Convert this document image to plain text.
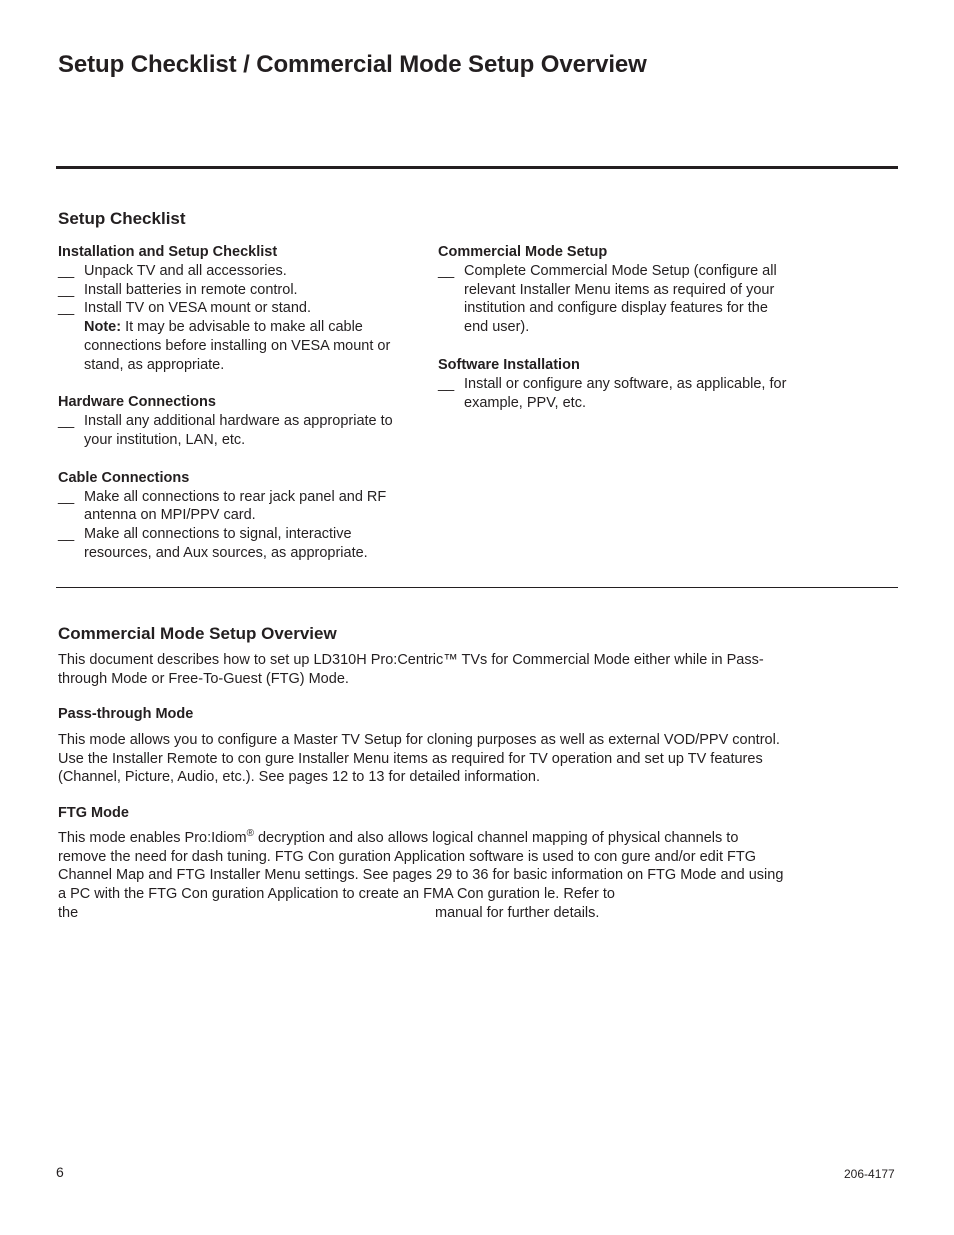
Setup Checklist / Commercial Mode Setup Overview
Setup Checklist
Installation and Setup Checklist
__ Unpack TV and all accessories.
__ Install batteries in remote control.
__ Install TV on VESA mount or stand.
Note: It may be advisable to make all cable connections before installing on VESA mount or stand, as appropriate.
Hardware Connections
__ Install any additional hardware as appropriate to your institution, LAN, etc.
Cable Connections
__ Make all connections to rear jack panel and RF antenna on MPI/PPV card.
__ Make all connections to signal, interactive resources, and Aux sources, as appropriate.
Commercial Mode Setup
__ Complete Commercial Mode Setup (configure all relevant Installer Menu items as required of your institution and configure display features for the end user).
Software Installation
__ Install or configure any software, as applicable, for example, PPV, etc.
Commercial Mode Setup Overview

This document describes how to set up LD310H Pro:Centric™ TVs for Commercial Mode either while in Pass-through Mode or Free-To-Guest (FTG) Mode.

Pass-through Mode

This mode allows you to configure a Master TV Setup for cloning purposes as well as external VOD/PPV control. Use the Installer Remote to con gure Installer Menu items as required for TV operation and set up TV features (Channel, Picture, Audio, etc.). See pages 12 to 13 for detailed information.

FTG Mode

This mode enables Pro:Idiom® decryption and also allows logical channel mapping of physical channels to remove the need for dash tuning. FTG Con guration Application software is used to con gure and/or edit FTG Channel Map and FTG Installer Menu settings. See pages 29 to 36 for basic information on FTG Mode and using a PC with the FTG Con guration Application to create an FMA Con guration le. Refer to

the	manual for further details.
6	206-4177
